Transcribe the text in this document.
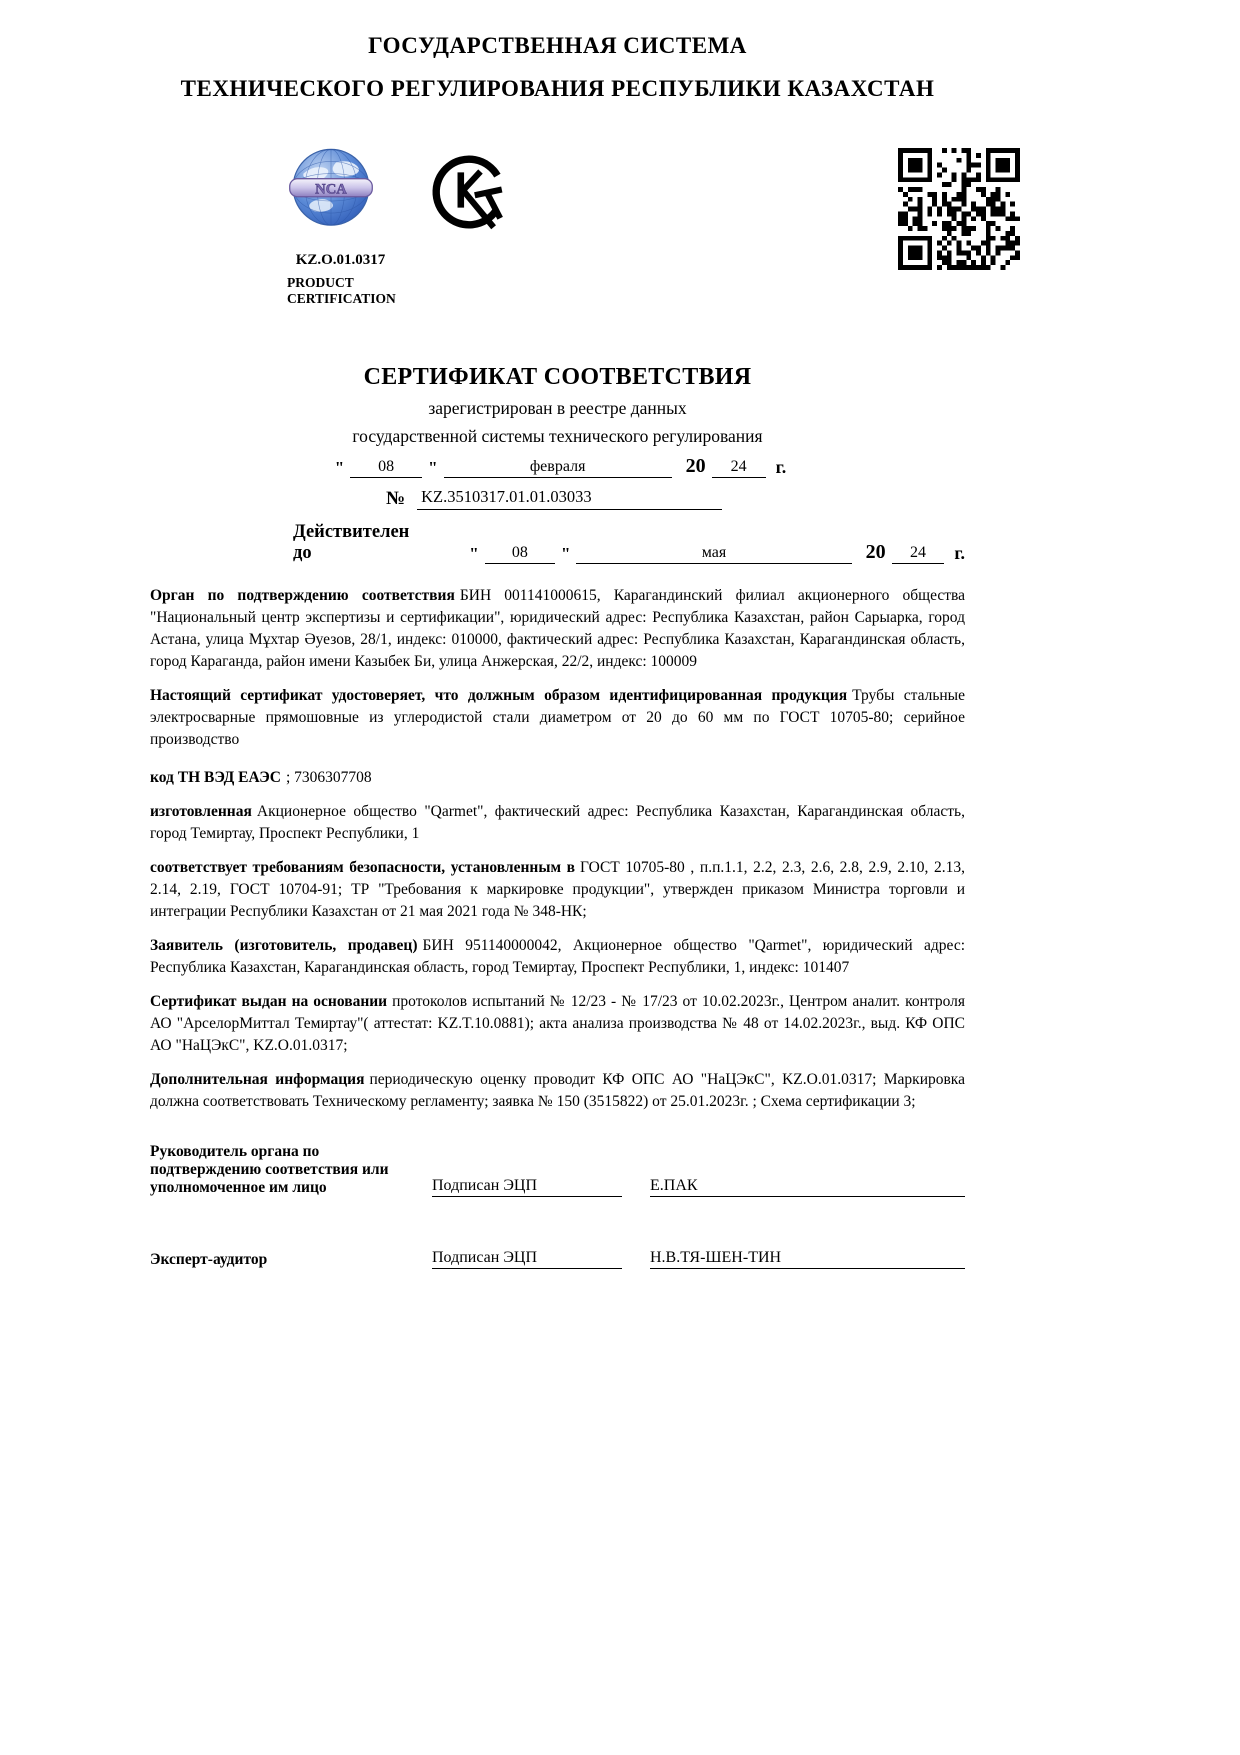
ГОСУДАРСТВЕННАЯ СИСТЕМА
ТЕХНИЧЕСКОГО РЕГУЛИРОВАНИЯ РЕСПУБЛИКИ КАЗАХСТАН
NCA
KZ.O.01.0317
PRODUCT
CERTIFICATION
СЕРТИФИКАТ СООТВЕТСТВИЯ
зарегистрирован в реестре данных
государственной системы технического регулирования
"	08	"	февраля	20	24	г.
№ KZ.3510317.01.01.03033
Действителен до	"	08	"	мая	20	24	г.

Орган по подтверждению соответствия БИН 001141000615, Карагандинский филиал акционерного общества "Национальный центр экспертизы и сертификации", юридический адрес: Республика Казахстан, район Сарыарка, город Астана, улица Мұхтар Әуезов, 28/1, индекс: 010000, фактический адрес: Республика Казахстан, Карагандинская область, город Караганда, район имени Казыбек Би, улица Анжерская, 22/2, индекс: 100009

Настоящий сертификат удостоверяет, что должным образом идентифицированная продукция Трубы стальные электросварные прямошовные из углеродистой стали диаметром от 20 до 60 мм по ГОСТ 10705-80; серийное производство

код ТН ВЭД ЕАЭС ; 7306307708

изготовленная Акционерное общество "Qarmet", фактический адрес: Республика Казахстан, Карагандинская область, город Темиртау, Проспект Республики, 1

соответствует требованиям безопасности, установленным в ГОСТ 10705-80 , п.п.1.1, 2.2, 2.3, 2.6, 2.8, 2.9, 2.10, 2.13, 2.14, 2.19, ГОСТ 10704-91; ТР "Требования к маркировке продукции", утвержден приказом Министра торговли и интеграции Республики Казахстан от 21 мая 2021 года № 348-НК;

Заявитель (изготовитель, продавец) БИН 951140000042, Акционерное общество "Qarmet", юридический адрес: Республика Казахстан, Карагандинская область, город Темиртау, Проспект Республики, 1, индекс: 101407

Сертификат выдан на основании протоколов испытаний № 12/23 - № 17/23 от 10.02.2023г., Центром аналит. контроля АО "АрселорМиттал Темиртау"( аттестат: KZ.T.10.0881); акта анализа производства № 48 от 14.02.2023г., выд. КФ ОПС АО "НаЦЭкС", KZ.O.01.0317;

Дополнительная информация периодическую оценку проводит КФ ОПС АО "НаЦЭкС", KZ.O.01.0317; Маркировка должна соответствовать Техническому регламенту; заявка № 150 (3515822) от 25.01.2023г. ; Схема сертификации 3;

Руководитель органа по
подтверждению соответствия или
уполномоченное им лицо	Подписан ЭЦП	Е.ПАК
Эксперт-аудитор	Подписан ЭЦП	Н.В.ТЯ-ШЕН-ТИН
